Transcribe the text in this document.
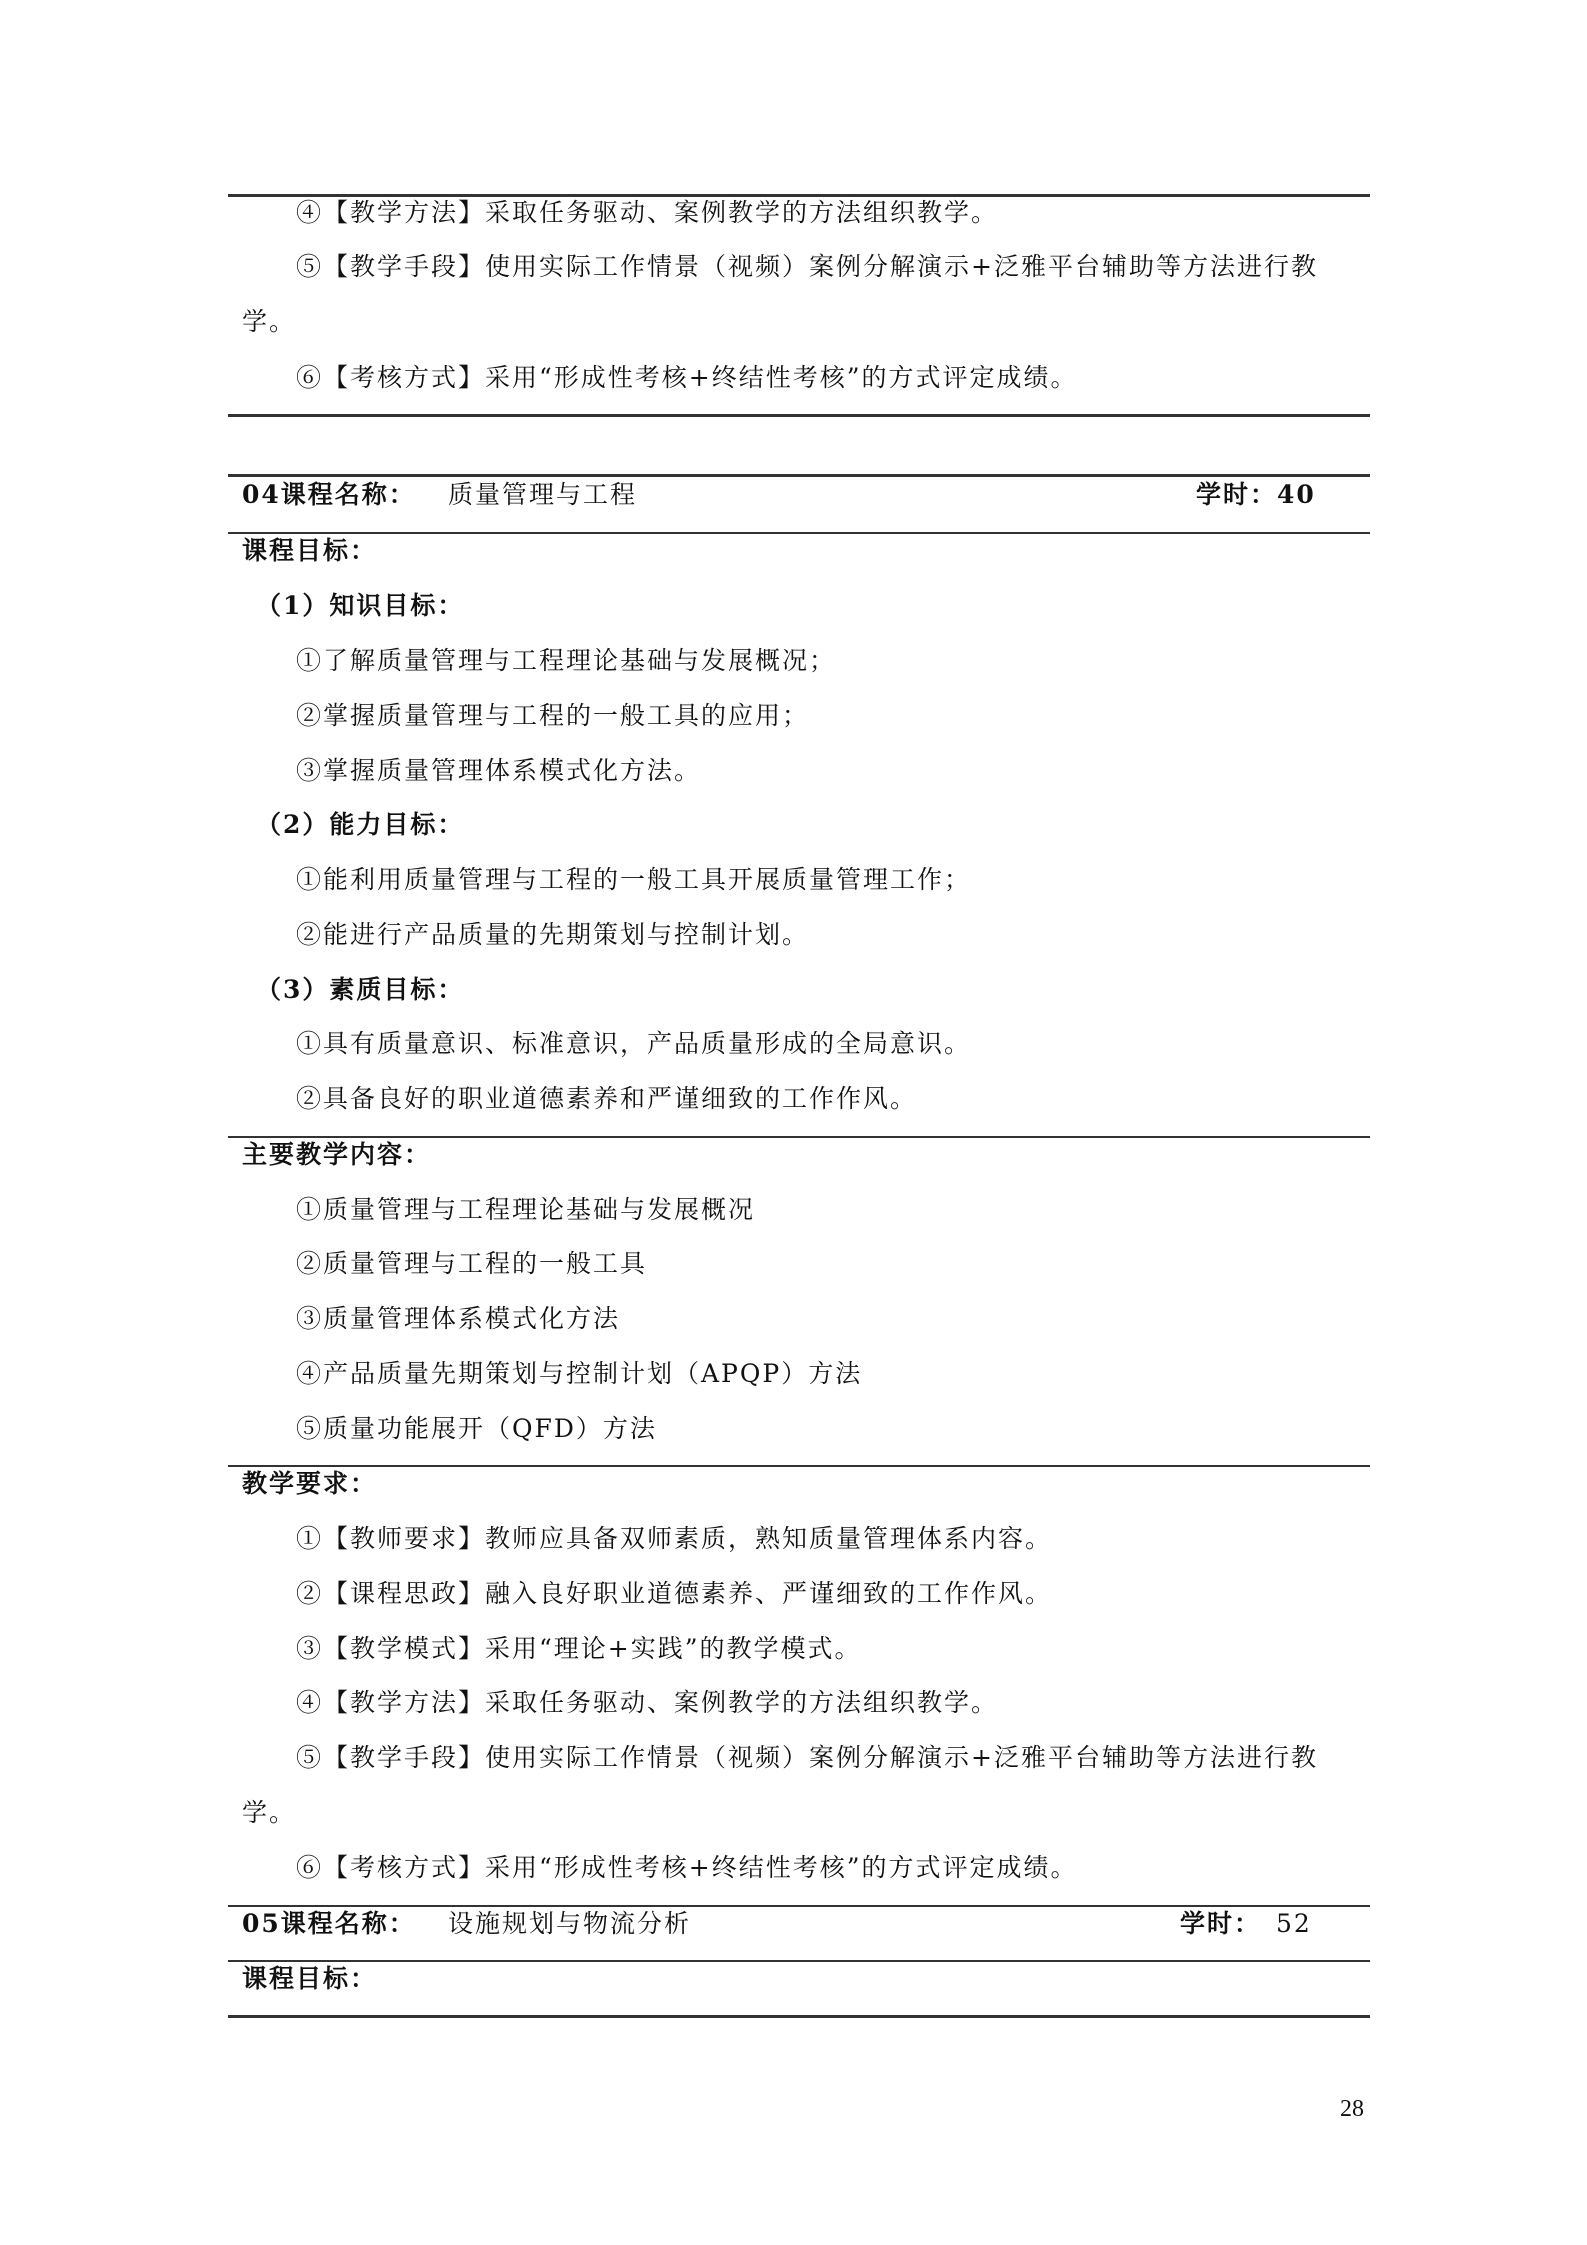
④【教学方法】采取任务驱动、案例教学的方法组织教学。
⑤【教学手段】使用实际工作情景（视频）案例分解演示+泛雅平台辅助等方法进行教
学。
⑥【考核方式】采用“形成性考核+终结性考核”的方式评定成绩。
04课程名称： 质量管理与工程	学时：40
课程目标：
（1）知识目标：
①了解质量管理与工程理论基础与发展概况；
②掌握质量管理与工程的一般工具的应用；
③掌握质量管理体系模式化方法。
（2）能力目标：
①能利用质量管理与工程的一般工具开展质量管理工作；
②能进行产品质量的先期策划与控制计划。
（3）素质目标：
①具有质量意识、标准意识，产品质量形成的全局意识。
②具备良好的职业道德素养和严谨细致的工作作风。
主要教学内容：
①质量管理与工程理论基础与发展概况
②质量管理与工程的一般工具
③质量管理体系模式化方法
④产品质量先期策划与控制计划（APQP）方法
⑤质量功能展开（QFD）方法
教学要求：
①【教师要求】教师应具备双师素质，熟知质量管理体系内容。
②【课程思政】融入良好职业道德素养、严谨细致的工作作风。
③【教学模式】采用“理论+实践”的教学模式。
④【教学方法】采取任务驱动、案例教学的方法组织教学。
⑤【教学手段】使用实际工作情景（视频）案例分解演示+泛雅平台辅助等方法进行教
学。
⑥【考核方式】采用“形成性考核+终结性考核”的方式评定成绩。
05课程名称： 设施规划与物流分析	学时： 52
课程目标：
28
